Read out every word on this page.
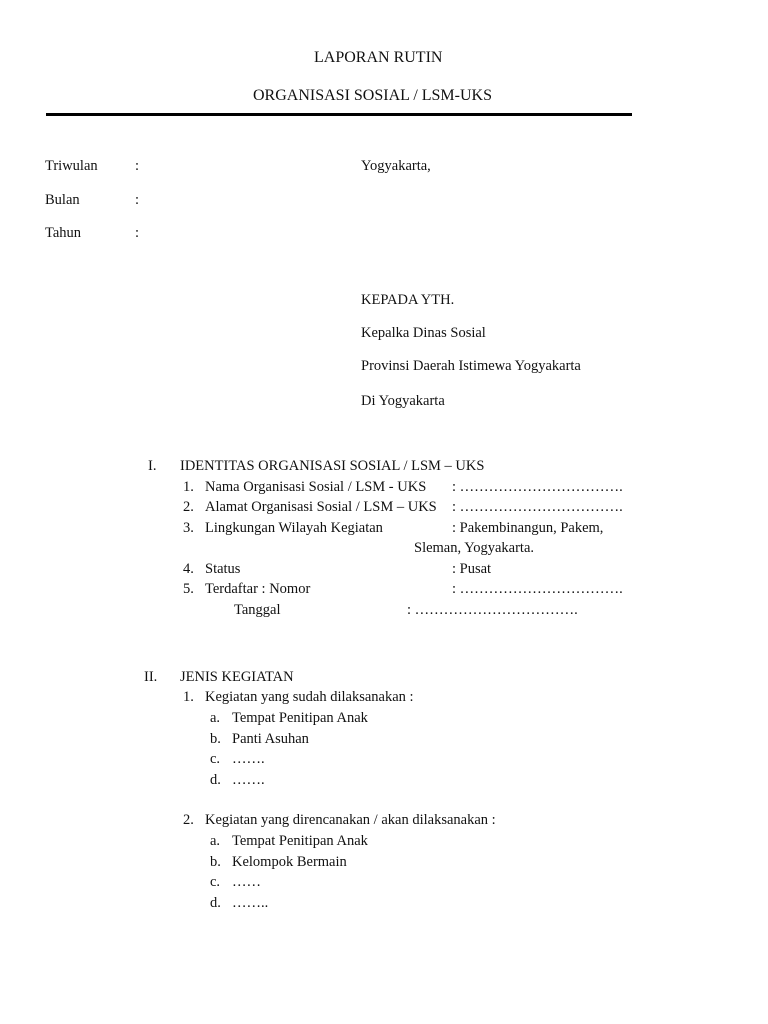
LAPORAN RUTIN
ORGANISASI SOSIAL / LSM-UKS
Triwulan	:
Bulan	:
Tahun	:
Yogyakarta,
KEPADA YTH.
Kepalka Dinas Sosial
Provinsi Daerah Istimewa Yogyakarta
Di Yogyakarta
I. IDENTITAS ORGANISASI SOSIAL / LSM – UKS
1. Nama Organisasi Sosial / LSM - UKS : …………………………….
2. Alamat Organisasi Sosial / LSM – UKS : …………………………….
3. Lingkungan Wilayah Kegiatan	: Pakembinangun, Pakem,
Sleman, Yogyakarta.
4. Status	: Pusat
5. Terdaftar : Nomor	: …………………………….
Tanggal	: …………………………….
II. JENIS KEGIATAN
1. Kegiatan yang sudah dilaksanakan :
a. Tempat Penitipan Anak
b. Panti Asuhan
c. …….
d. …….
2. Kegiatan yang direncanakan / akan dilaksanakan :
a. Tempat Penitipan Anak
b. Kelompok Bermain
c. ……
d. ……..
